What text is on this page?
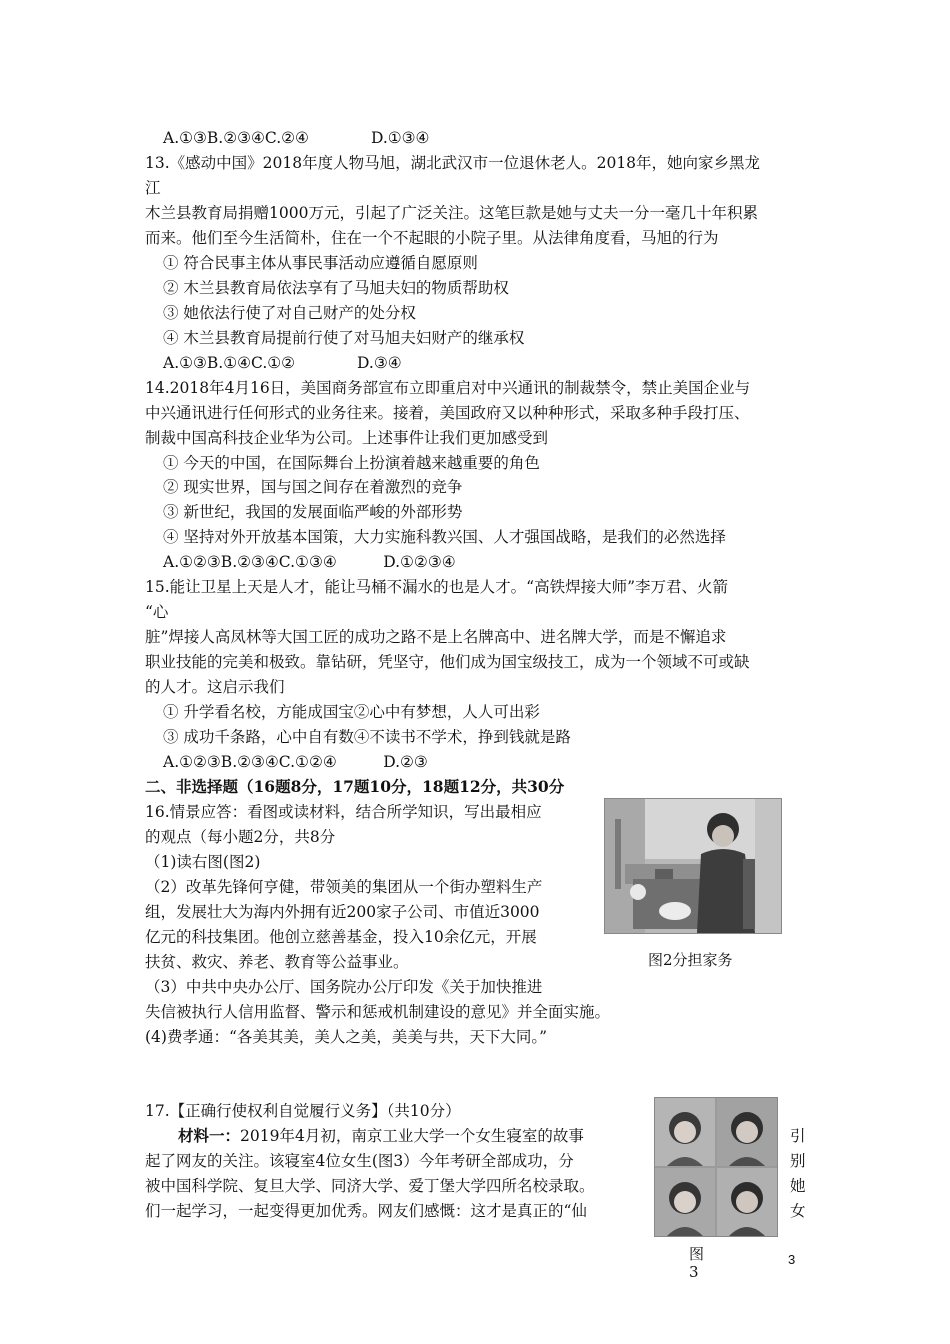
A.①③B.②③④C.②④　　　　D.①③④
13.《感动中国》2018年度人物马旭，湖北武汉市一位退休老人。2018年，她向家乡黑龙
江
木兰县教育局捐赠1000万元，引起了广泛关注。这笔巨款是她与丈夫一分一毫几十年积累
而来。他们至今生活简朴，住在一个不起眼的小院子里。从法律角度看，马旭的行为
① 符合民事主体从事民事活动应遵循自愿原则
② 木兰县教育局依法享有了马旭夫妇的物质帮助权
③ 她依法行使了对自己财产的处分权
④ 木兰县教育局提前行使了对马旭夫妇财产的继承权
A.①③B.①④C.①②　　　　D.③④
14.2018年4月16日，美国商务部宣布立即重启对中兴通讯的制裁禁令，禁止美国企业与
中兴通讯进行任何形式的业务往来。接着，美国政府又以种种形式，采取多种手段打压、
制裁中国高科技企业华为公司。上述事件让我们更加感受到
① 今天的中国，在国际舞台上扮演着越来越重要的角色
② 现实世界，国与国之间存在着激烈的竞争
③ 新世纪，我国的发展面临严峻的外部形势
④ 坚持对外开放基本国策，大力实施科教兴国、人才强国战略，是我们的必然选择
A.①②③B.②③④C.①③④　　　D.①②③④
15.能让卫星上天是人才，能让马桶不漏水的也是人才。“高铁焊接大师”李万君、火箭
“心
脏”焊接人高凤林等大国工匠的成功之路不是上名牌高中、进名牌大学，而是不懈追求
职业技能的完美和极致。靠钻研，凭坚守，他们成为国宝级技工，成为一个领域不可或缺
的人才。这启示我们
① 升学看名校，方能成国宝②心中有梦想，人人可出彩
③ 成功千条路，心中自有数④不读书不学术，挣到钱就是路
A.①②③B.②③④C.①②④　　　D.②③
二、非选择题（16题8分，17题10分，18题12分，共30分
16.情景应答：看图或读材料，结合所学知识，写出最相应
的观点（每小题2分，共8分
（1)读右图(图2)
（2）改革先锋何亨健，带领美的集团从一个街办塑料生产
组，发展壮大为海内外拥有近200家子公司、市值近3000
亿元的科技集团。他创立慈善基金，投入10余亿元，开展
扶贫、救灾、养老、教育等公益事业。
（3）中共中央办公厅、国务院办公厅印发《关于加快推进
失信被执行人信用监督、警示和惩戒机制建设的意见》并全面实施。
(4)费孝通：“各美其美，美人之美，美美与共，天下大同。”
图2分担家务
17.【正确行使权利自觉履行义务】（共10分）
材料一：2019年4月初，南京工业大学一个女生寝室的故事
起了网友的关注。该寝室4位女生(图3）今年考研全部成功，分
被中国科学院、复旦大学、同济大学、爱丁堡大学四所名校录取。
们一起学习，一起变得更加优秀。网友们感慨：这才是真正的“仙
引
别
她
女
图
3
3
